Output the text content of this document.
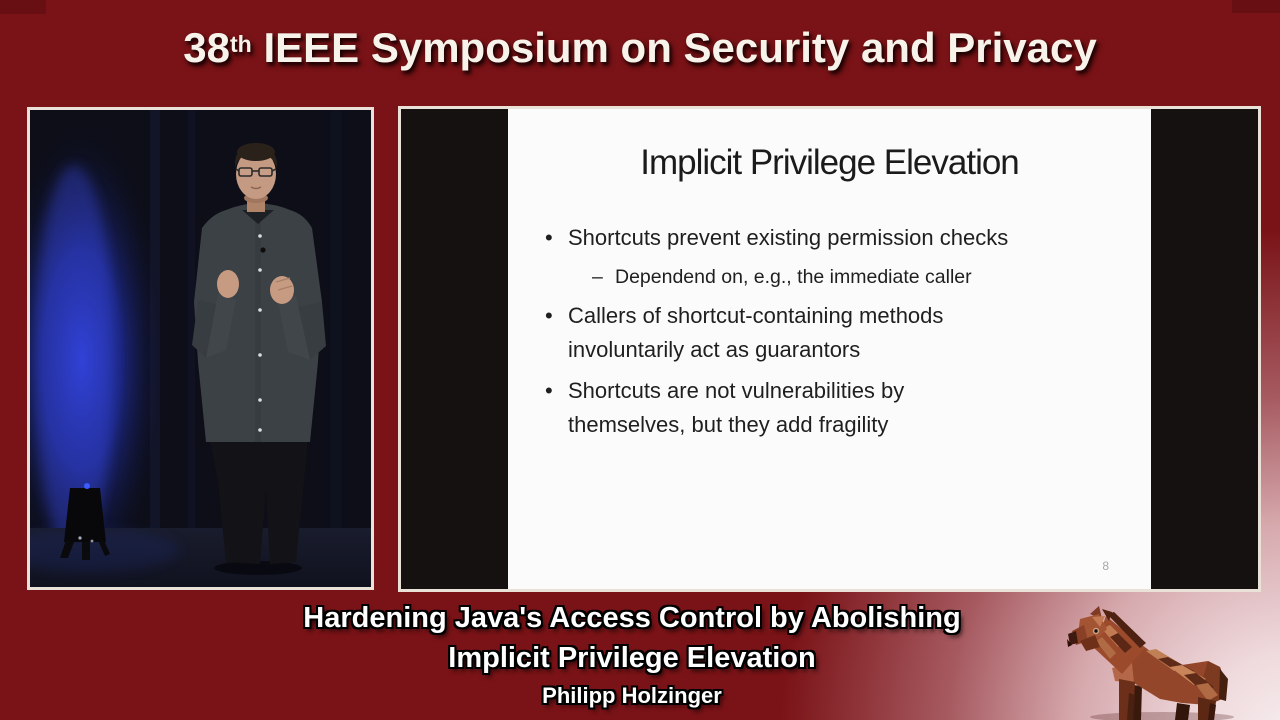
38th IEEE Symposium on Security and Privacy
Implicit Privilege Elevation
• Shortcuts prevent existing permission checks
– Dependend on, e.g., the immediate caller
• Callers of shortcut-containing methods
involuntarily act as guarantors
• Shortcuts are not vulnerabilities by
themselves, but they add fragility
8
Hardening Java's Access Control by Abolishing
Implicit Privilege Elevation
Philipp Holzinger
